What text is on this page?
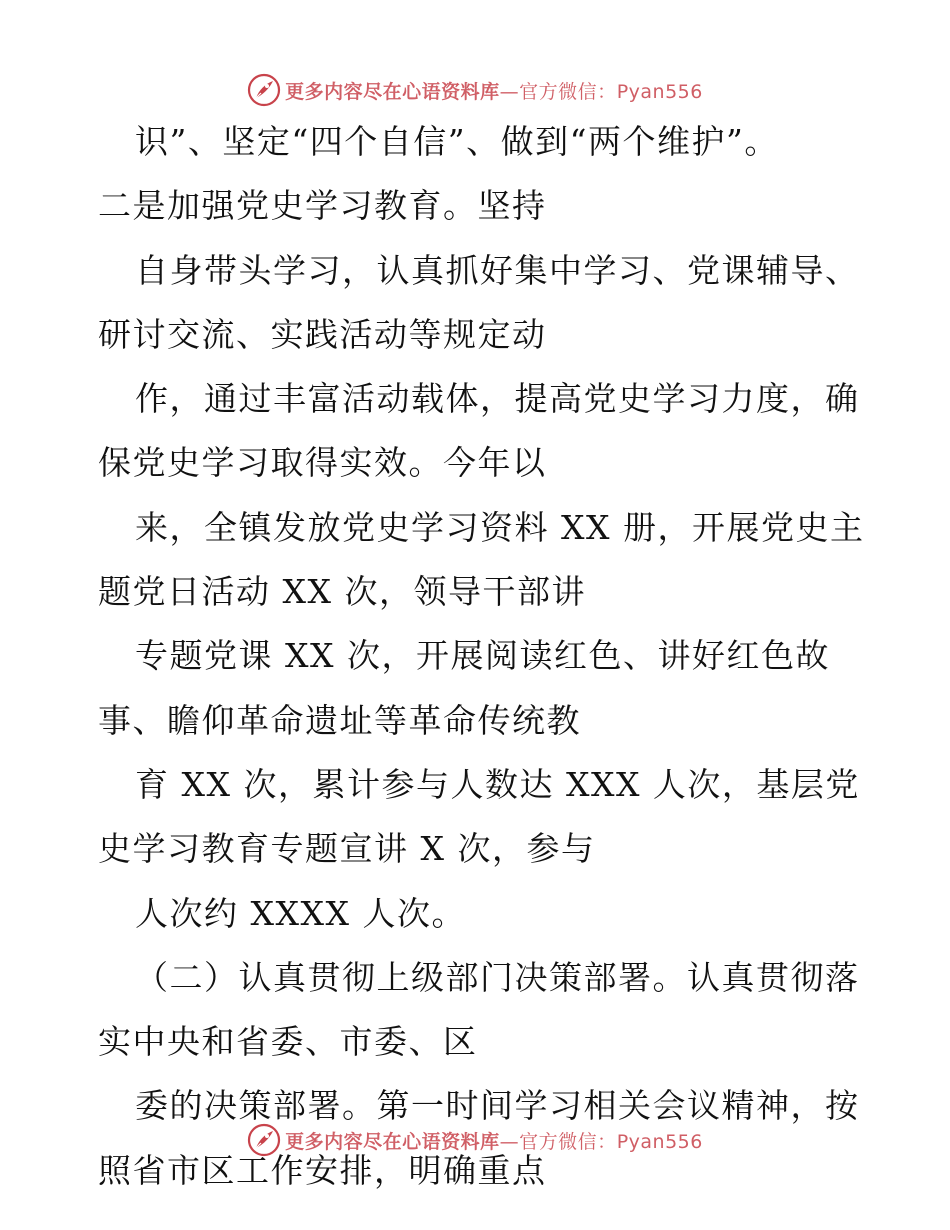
更多内容尽在心语资料库—官方微信：Pyan556
识”、坚定“四个自信”、做到“两个维护”。
二是加强党史学习教育。坚持
自身带头学习，认真抓好集中学习、党课辅导、
研讨交流、实践活动等规定动
作，通过丰富活动载体，提高党史学习力度，确
保党史学习取得实效。今年以
来，全镇发放党史学习资料 XX 册，开展党史主
题党日活动 XX 次，领导干部讲
专题党课 XX 次，开展阅读红色、讲好红色故
事、瞻仰革命遗址等革命传统教
育 XX 次，累计参与人数达 XXX 人次，基层党
史学习教育专题宣讲 X 次，参与
人次约 XXXX 人次。
（二）认真贯彻上级部门决策部署。认真贯彻落
实中央和省委、市委、区
委的决策部署。第一时间学习相关会议精神，按
照省市区工作安排，明确重点
更多内容尽在心语资料库—官方微信：Pyan556
